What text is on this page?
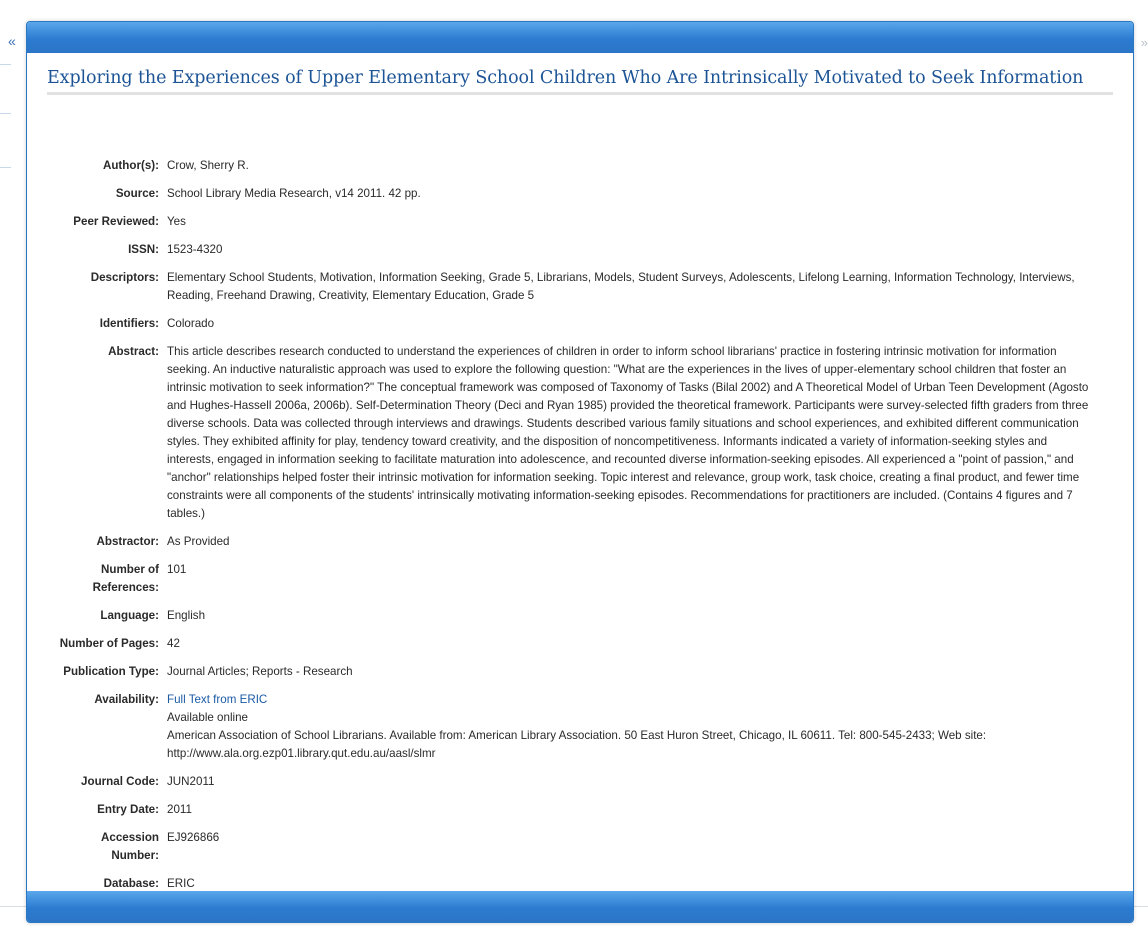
«	»
Exploring the Experiences of Upper Elementary School Children Who Are Intrinsically Motivated to Seek Information
Author(s): Crow, Sherry R.
Source: School Library Media Research, v14 2011. 42 pp.
Peer Reviewed: Yes
ISSN: 1523-4320
Descriptors: Elementary School Students, Motivation, Information Seeking, Grade 5, Librarians, Models, Student Surveys, Adolescents, Lifelong Learning, Information Technology, Interviews, Reading, Freehand Drawing, Creativity, Elementary Education, Grade 5
Identifiers: Colorado
Abstract: This article describes research conducted to understand the experiences of children in order to inform school librarians' practice in fostering intrinsic motivation for information seeking. An inductive naturalistic approach was used to explore the following question: "What are the experiences in the lives of upper-elementary school children that foster an intrinsic motivation to seek information?" The conceptual framework was composed of Taxonomy of Tasks (Bilal 2002) and A Theoretical Model of Urban Teen Development (Agosto and Hughes-Hassell 2006a, 2006b). Self-Determination Theory (Deci and Ryan 1985) provided the theoretical framework. Participants were survey-selected fifth graders from three diverse schools. Data was collected through interviews and drawings. Students described various family situations and school experiences, and exhibited different communication styles. They exhibited affinity for play, tendency toward creativity, and the disposition of noncompetitiveness. Informants indicated a variety of information-seeking styles and interests, engaged in information seeking to facilitate maturation into adolescence, and recounted diverse information-seeking episodes. All experienced a "point of passion," and "anchor" relationships helped foster their intrinsic motivation for information seeking. Topic interest and relevance, group work, task choice, creating a final product, and fewer time constraints were all components of the students' intrinsically motivating information-seeking episodes. Recommendations for practitioners are included. (Contains 4 figures and 7 tables.)
Abstractor: As Provided
Number of
References:
101
Language: English
Number of Pages: 42
Publication Type: Journal Articles; Reports - Research
Availability: Full Text from ERIC
Available online
American Association of School Librarians. Available from: American Library Association. 50 East Huron Street, Chicago, IL 60611. Tel: 800-545-2433; Web site:
http://www.ala.org.ezp01.library.qut.edu.au/aasl/slmr
Journal Code: JUN2011
Entry Date: 2011
Accession
Number:
EJ926866
Database: ERIC
